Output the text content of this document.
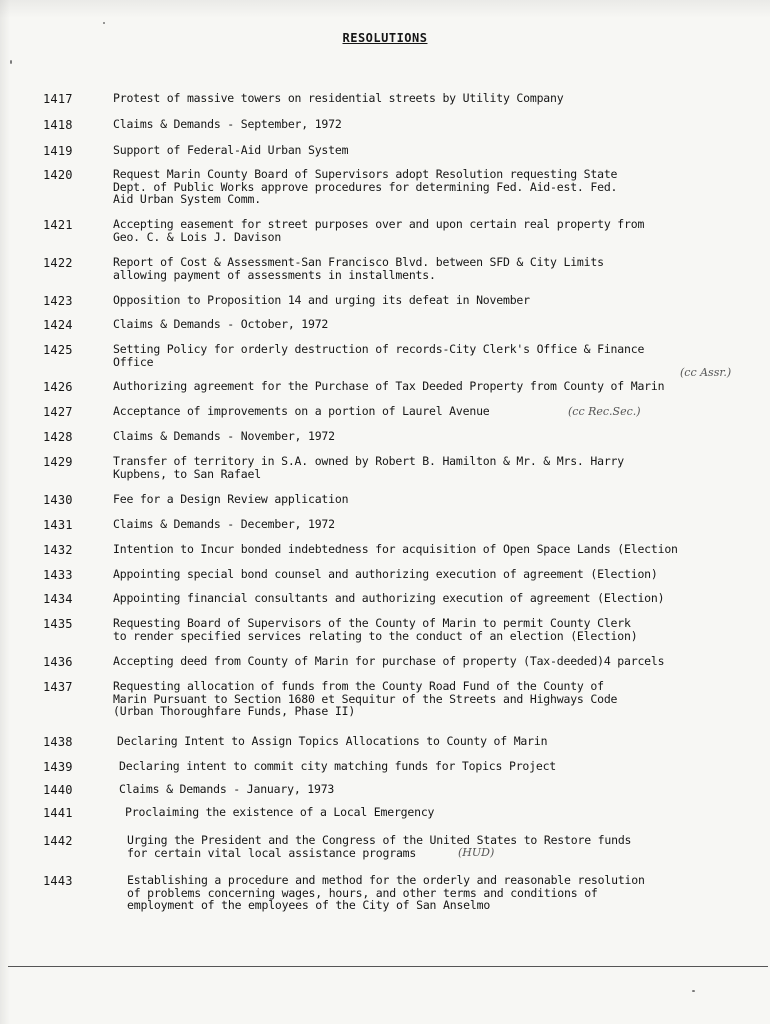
RESOLUTIONS
1417	Protest of massive towers on residential streets by Utility Company
1418	Claims & Demands - September, 1972
1419	Support of Federal-Aid Urban System
1420	Request Marin County Board of Supervisors adopt Resolution requesting State
Dept. of Public Works approve procedures for determining Fed. Aid-est. Fed.
Aid Urban System Comm.
1421	Accepting easement for street purposes over and upon certain real property from
Geo. C. & Lois J. Davison
1422	Report of Cost & Assessment-San Francisco Blvd. between SFD & City Limits
allowing payment of assessments in installments.
1423	Opposition to Proposition 14 and urging its defeat in November
1424	Claims & Demands - October, 1972
1425	Setting Policy for orderly destruction of records-City Clerk's Office & Finance
Office
1426	Authorizing agreement for the Purchase of Tax Deeded Property from County of Marin
(cc Assr.)
1427	Acceptance of improvements on a portion of Laurel Avenue	(cc Rec.Sec.)
1428	Claims & Demands - November, 1972
1429	Transfer of territory in S.A. owned by Robert B. Hamilton & Mr. & Mrs. Harry
Kupbens, to San Rafael
1430	Fee for a Design Review application
1431	Claims & Demands - December, 1972
1432	Intention to Incur bonded indebtedness for acquisition of Open Space Lands (Election
1433	Appointing special bond counsel and authorizing execution of agreement (Election)
1434	Appointing financial consultants and authorizing execution of agreement (Election)
1435	Requesting Board of Supervisors of the County of Marin to permit County Clerk
to render specified services relating to the conduct of an election (Election)
1436	Accepting deed from County of Marin for purchase of property (Tax-deeded)4 parcels
1437	Requesting allocation of funds from the County Road Fund of the County of
Marin Pursuant to Section 1680 et Sequitur of the Streets and Highways Code
(Urban Thoroughfare Funds, Phase II)
1438	Declaring Intent to Assign Topics Allocations to County of Marin
1439	Declaring intent to commit city matching funds for Topics Project
1440	Claims & Demands - January, 1973
1441	Proclaiming the existence of a Local Emergency
1442	Urging the President and the Congress of the United States to Restore funds
for certain vital local assistance programs	(HUD)
1443	Establishing a procedure and method for the orderly and reasonable resolution
of problems concerning wages, hours, and other terms and conditions of
employment of the employees of the City of San Anselmo
